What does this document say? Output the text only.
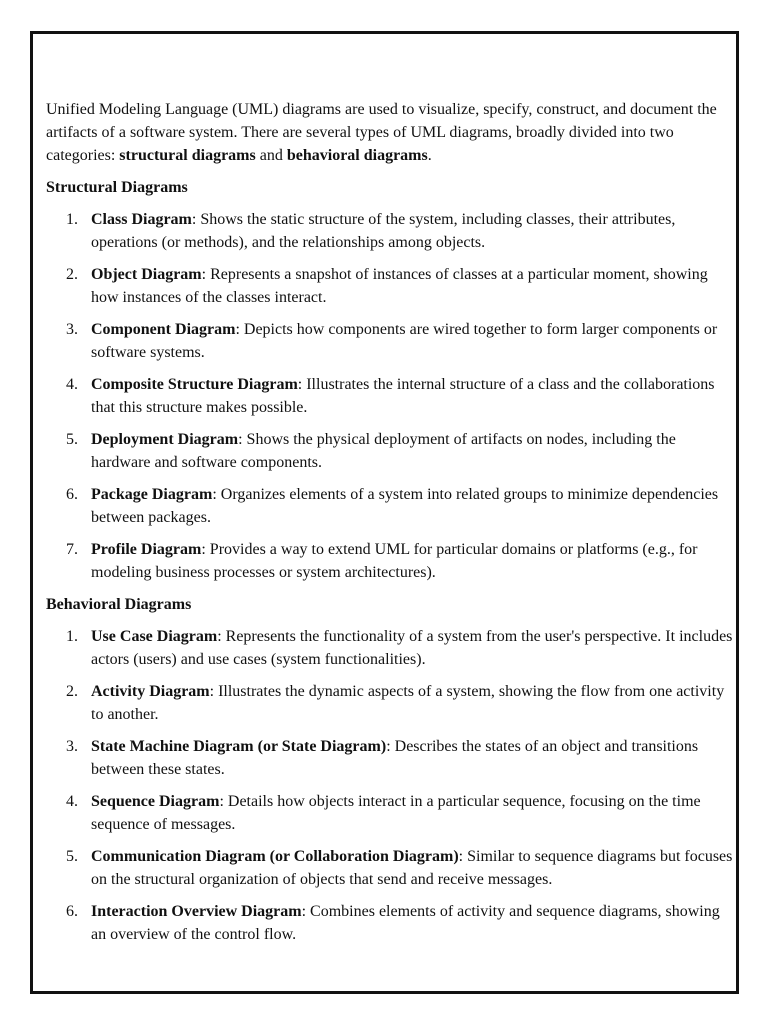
Unified Modeling Language (UML) diagrams are used to visualize, specify, construct, and document the artifacts of a software system. There are several types of UML diagrams, broadly divided into two categories: structural diagrams and behavioral diagrams.

Structural Diagrams
1. Class Diagram: Shows the static structure of the system, including classes, their attributes, operations (or methods), and the relationships among objects.
2. Object Diagram: Represents a snapshot of instances of classes at a particular moment, showing how instances of the classes interact.
3. Component Diagram: Depicts how components are wired together to form larger components or software systems.
4. Composite Structure Diagram: Illustrates the internal structure of a class and the collaborations that this structure makes possible.
5. Deployment Diagram: Shows the physical deployment of artifacts on nodes, including the hardware and software components.
6. Package Diagram: Organizes elements of a system into related groups to minimize dependencies between packages.
7. Profile Diagram: Provides a way to extend UML for particular domains or platforms (e.g., for modeling business processes or system architectures).
Behavioral Diagrams
1. Use Case Diagram: Represents the functionality of a system from the user's perspective. It includes actors (users) and use cases (system functionalities).
2. Activity Diagram: Illustrates the dynamic aspects of a system, showing the flow from one activity to another.
3. State Machine Diagram (or State Diagram): Describes the states of an object and transitions between these states.
4. Sequence Diagram: Details how objects interact in a particular sequence, focusing on the time sequence of messages.
5. Communication Diagram (or Collaboration Diagram): Similar to sequence diagrams but focuses on the structural organization of objects that send and receive messages.
6. Interaction Overview Diagram: Combines elements of activity and sequence diagrams, showing an overview of the control flow.
